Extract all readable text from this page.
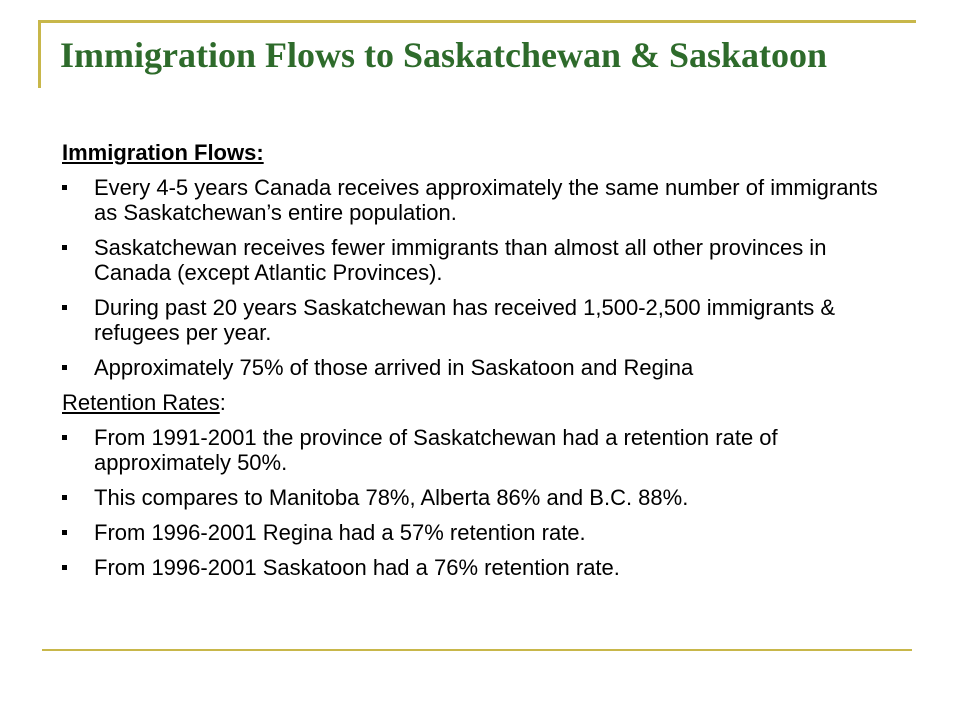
Immigration Flows to Saskatchewan & Saskatoon

Immigration Flows:

Every 4-5 years Canada receives approximately the same number of immigrants as Saskatchewan’s entire population.
Saskatchewan receives fewer immigrants than almost all other provinces in Canada (except Atlantic Provinces).
During past 20 years Saskatchewan has received 1,500-2,500 immigrants & refugees per year.
Approximately 75% of those arrived in Saskatoon and Regina

Retention Rates:

From 1991-2001 the province of Saskatchewan had a retention rate of approximately 50%.
This compares to Manitoba 78%, Alberta 86% and B.C. 88%.
From 1996-2001 Regina had a 57% retention rate.
From 1996-2001 Saskatoon had a 76% retention rate.
